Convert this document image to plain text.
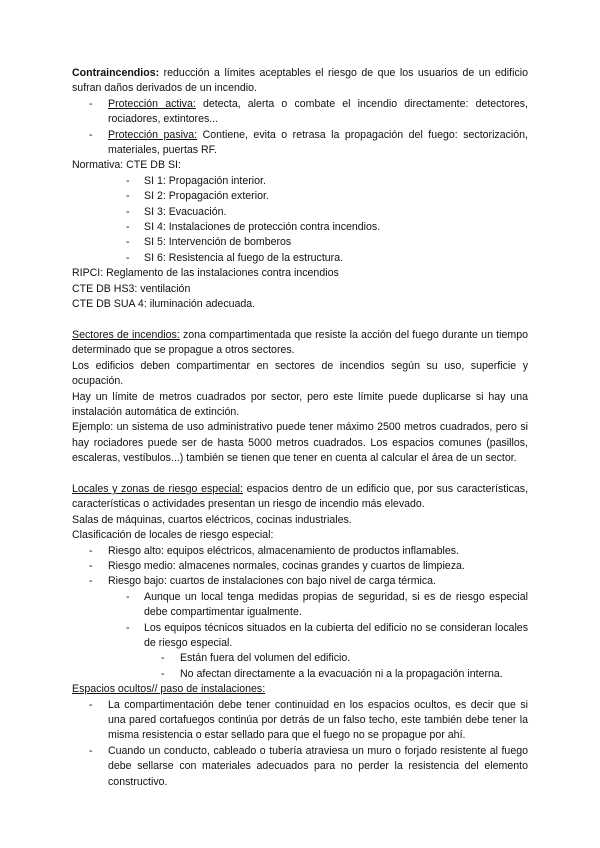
Contraincendios: reducción a límites aceptables el riesgo de que los usuarios de un edificio sufran daños derivados de un incendio.

- Protección activa: detecta, alerta o combate el incendio directamente: detectores, rociadores, extintores...

- Protección pasiva: Contiene, evita o retrasa la propagación del fuego: sectorización, materiales, puertas RF.

Normativa: CTE DB SI:

- SI 1: Propagación interior.

- SI 2: Propagación exterior.

- SI 3: Evacuación.

- SI 4: Instalaciones de protección contra incendios.

- SI 5: Intervención de bomberos

- SI 6: Resistencia al fuego de la estructura.

RIPCI: Reglamento de las instalaciones contra incendios

CTE DB HS3: ventilación

CTE DB SUA 4: iluminación adecuada.

Sectores de incendios: zona compartimentada que resiste la acción del fuego durante un tiempo determinado que se propague a otros sectores.

Los edificios deben compartimentar en sectores de incendios según su uso, superficie y ocupación.

Hay un límite de metros cuadrados por sector, pero este límite puede duplicarse si hay una instalación automática de extinción.

Ejemplo: un sistema de uso administrativo puede tener máximo 2500 metros cuadrados, pero si hay rociadores puede ser de hasta 5000 metros cuadrados. Los espacios comunes (pasillos, escaleras, vestíbulos...) también se tienen que tener en cuenta al calcular el área de un sector.

Locales y zonas de riesgo especial: espacios dentro de un edificio que, por sus características, características o actividades presentan un riesgo de incendio más elevado.

Salas de máquinas, cuartos eléctricos, cocinas industriales.

Clasificación de locales de riesgo especial:

- Riesgo alto: equipos eléctricos, almacenamiento de productos inflamables.

- Riesgo medio: almacenes normales, cocinas grandes y cuartos de limpieza.

- Riesgo bajo: cuartos de instalaciones con bajo nivel de carga térmica.

- Aunque un local tenga medidas propias de seguridad, si es de riesgo especial debe compartimentar igualmente.

- Los equipos técnicos situados en la cubierta del edificio no se consideran locales de riesgo especial.

- Están fuera del volumen del edificio.

- No afectan directamente a la evacuación ni a la propagación interna.

Espacios ocultos// paso de instalaciones:

- La compartimentación debe tener continuidad en los espacios ocultos, es decir que si una pared cortafuegos continúa por detrás de un falso techo, este también debe tener la misma resistencia o estar sellado para que el fuego no se propague por ahí.

- Cuando un conducto, cableado o tubería atraviesa un muro o forjado resistente al fuego debe sellarse con materiales adecuados para no perder la resistencia del elemento constructivo.
